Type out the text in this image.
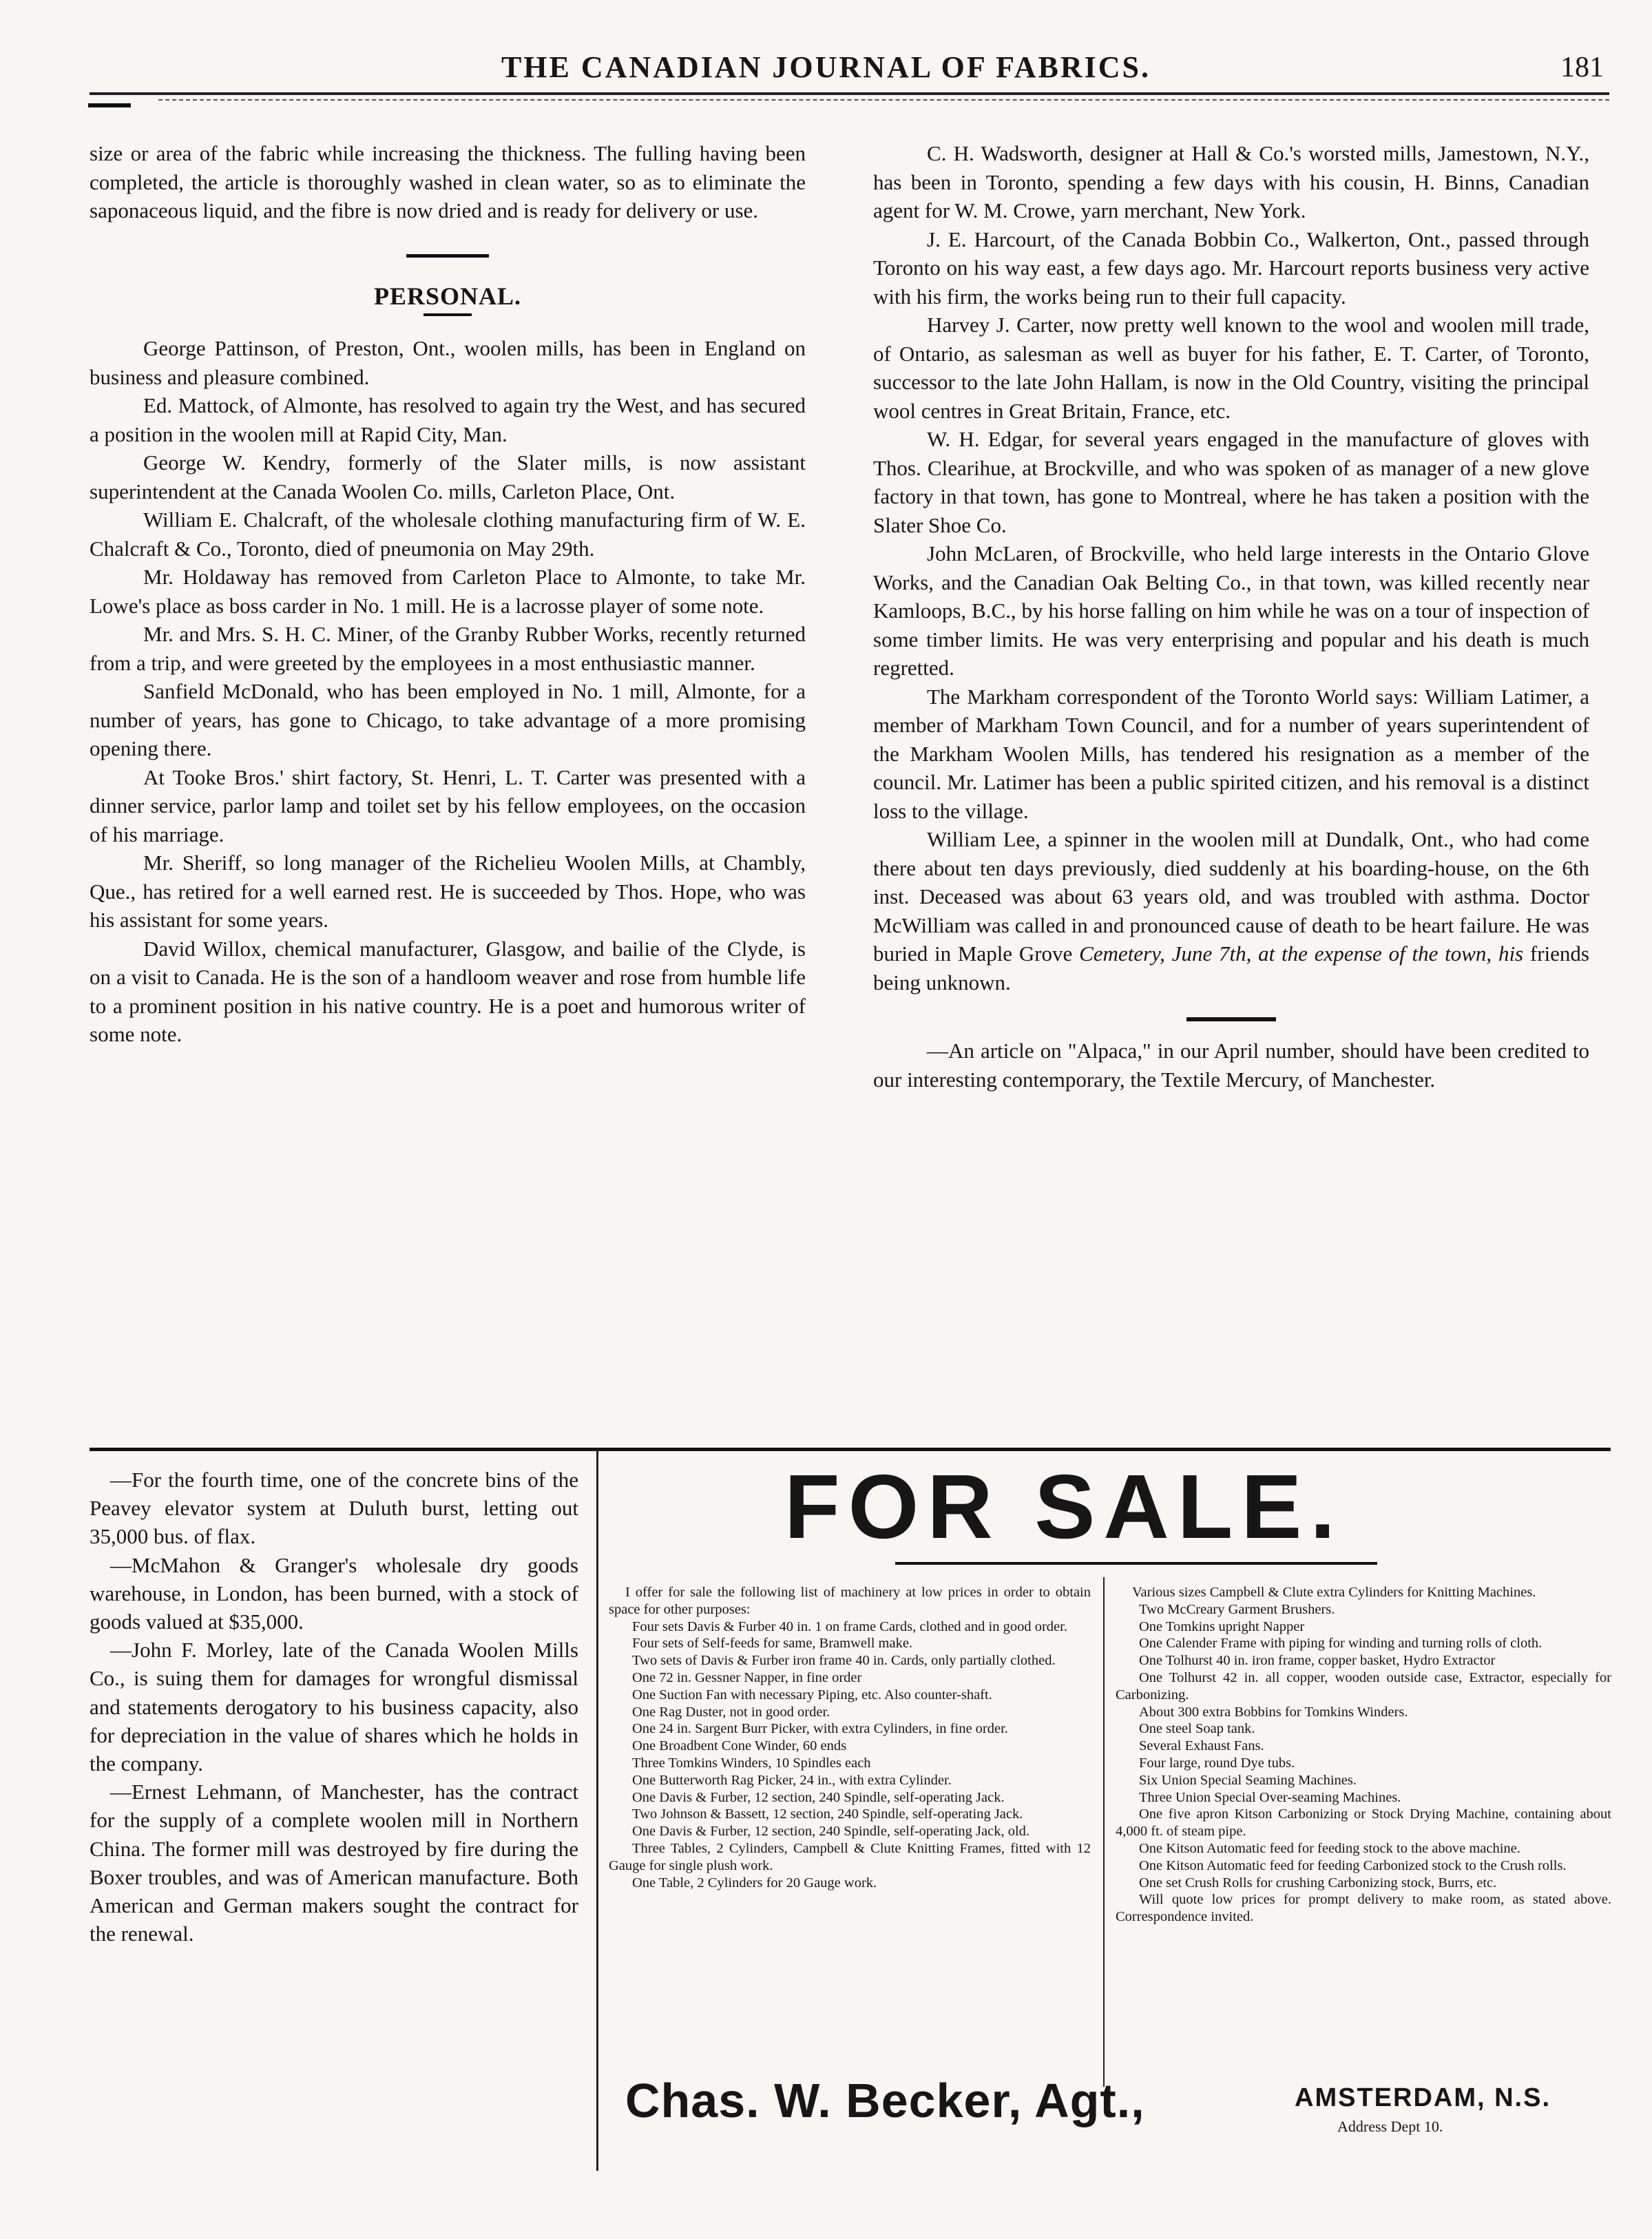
THE CANADIAN JOURNAL OF FABRICS.	181

size or area of the fabric while increasing the thickness. The fulling having been completed, the article is thoroughly washed in clean water, so as to eliminate the saponaceous liquid, and the fibre is now dried and is ready for delivery or use.

PERSONAL.

George Pattinson, of Preston, Ont., woolen mills, has been in England on business and pleasure combined.

Ed. Mattock, of Almonte, has resolved to again try the West, and has secured a position in the woolen mill at Rapid City, Man.

George W. Kendry, formerly of the Slater mills, is now assistant superintendent at the Canada Woolen Co. mills, Carleton Place, Ont.

William E. Chalcraft, of the wholesale clothing manufacturing firm of W. E. Chalcraft & Co., Toronto, died of pneumonia on May 29th.

Mr. Holdaway has removed from Carleton Place to Almonte, to take Mr. Lowe's place as boss carder in No. 1 mill. He is a lacrosse player of some note.

Mr. and Mrs. S. H. C. Miner, of the Granby Rubber Works, recently returned from a trip, and were greeted by the employees in a most enthusiastic manner.

Sanfield McDonald, who has been employed in No. 1 mill, Almonte, for a number of years, has gone to Chicago, to take advantage of a more promising opening there.

At Tooke Bros.' shirt factory, St. Henri, L. T. Carter was presented with a dinner service, parlor lamp and toilet set by his fellow employees, on the occasion of his marriage.

Mr. Sheriff, so long manager of the Richelieu Woolen Mills, at Chambly, Que., has retired for a well earned rest. He is succeeded by Thos. Hope, who was his assistant for some years.

David Willox, chemical manufacturer, Glasgow, and bailie of the Clyde, is on a visit to Canada. He is the son of a handloom weaver and rose from humble life to a prominent position in his native country. He is a poet and humorous writer of some note.

C. H. Wadsworth, designer at Hall & Co.'s worsted mills, Jamestown, N.Y., has been in Toronto, spending a few days with his cousin, H. Binns, Canadian agent for W. M. Crowe, yarn merchant, New York.

J. E. Harcourt, of the Canada Bobbin Co., Walkerton, Ont., passed through Toronto on his way east, a few days ago. Mr. Harcourt reports business very active with his firm, the works being run to their full capacity.

Harvey J. Carter, now pretty well known to the wool and woolen mill trade, of Ontario, as salesman as well as buyer for his father, E. T. Carter, of Toronto, successor to the late John Hallam, is now in the Old Country, visiting the principal wool centres in Great Britain, France, etc.

W. H. Edgar, for several years engaged in the manufacture of gloves with Thos. Clearihue, at Brockville, and who was spoken of as manager of a new glove factory in that town, has gone to Montreal, where he has taken a position with the Slater Shoe Co.

John McLaren, of Brockville, who held large interests in the Ontario Glove Works, and the Canadian Oak Belting Co., in that town, was killed recently near Kamloops, B.C., by his horse falling on him while he was on a tour of inspection of some timber limits. He was very enterprising and popular and his death is much regretted.

The Markham correspondent of the Toronto World says: William Latimer, a member of Markham Town Council, and for a number of years superintendent of the Markham Woolen Mills, has tendered his resignation as a member of the council. Mr. Latimer has been a public spirited citizen, and his removal is a distinct loss to the village.

William Lee, a spinner in the woolen mill at Dundalk, Ont., who had come there about ten days previously, died suddenly at his boarding-house, on the 6th inst. Deceased was about 63 years old, and was troubled with asthma. Doctor McWilliam was called in and pronounced cause of death to be heart failure. He was buried in Maple Grove Cemetery, June 7th, at the expense of the town, his friends being unknown.

—An article on "Alpaca," in our April number, should have been credited to our interesting contemporary, the Textile Mercury, of Manchester.

—For the fourth time, one of the concrete bins of the Peavey elevator system at Duluth burst, letting out 35,000 bus. of flax.

—McMahon & Granger's wholesale dry goods warehouse, in London, has been burned, with a stock of goods valued at $35,000.

—John F. Morley, late of the Canada Woolen Mills Co., is suing them for damages for wrongful dismissal and statements derogatory to his business capacity, also for depreciation in the value of shares which he holds in the company.

—Ernest Lehmann, of Manchester, has the contract for the supply of a complete woolen mill in Northern China. The former mill was destroyed by fire during the Boxer troubles, and was of American manufacture. Both American and German makers sought the contract for the renewal.

FOR SALE.

I offer for sale the following list of machinery at low prices in order to obtain space for other purposes:

Four sets Davis & Furber 40 in. 1 on frame Cards, clothed and in good order.

Four sets of Self-feeds for same, Bramwell make.

Two sets of Davis & Furber iron frame 40 in. Cards, only partially clothed.

One 72 in. Gessner Napper, in fine order

One Suction Fan with necessary Piping, etc. Also counter-shaft.

One Rag Duster, not in good order.

One 24 in. Sargent Burr Picker, with extra Cylinders, in fine order.

One Broadbent Cone Winder, 60 ends

Three Tomkins Winders, 10 Spindles each

One Butterworth Rag Picker, 24 in., with extra Cylinder.

One Davis & Furber, 12 section, 240 Spindle, self-operating Jack.

Two Johnson & Bassett, 12 section, 240 Spindle, self-operating Jack.

One Davis & Furber, 12 section, 240 Spindle, self-operating Jack, old.

Three Tables, 2 Cylinders, Campbell & Clute Knitting Frames, fitted with 12 Gauge for single plush work.

One Table, 2 Cylinders for 20 Gauge work.

Various sizes Campbell & Clute extra Cylinders for Knitting Machines.

Two McCreary Garment Brushers.

One Tomkins upright Napper

One Calender Frame with piping for winding and turning rolls of cloth.

One Tolhurst 40 in. iron frame, copper basket, Hydro Extractor

One Tolhurst 42 in. all copper, wooden outside case, Extractor, especially for Carbonizing.

About 300 extra Bobbins for Tomkins Winders.

One steel Soap tank.

Several Exhaust Fans.

Four large, round Dye tubs.

Six Union Special Seaming Machines.

Three Union Special Over-seaming Machines.

One five apron Kitson Carbonizing or Stock Drying Machine, containing about 4,000 ft. of steam pipe.

One Kitson Automatic feed for feeding stock to the above machine.

One Kitson Automatic feed for feeding Carbonized stock to the Crush rolls.

One set Crush Rolls for crushing Carbonizing stock, Burrs, etc.

Will quote low prices for prompt delivery to make room, as stated above. Correspondence invited.

Chas. W. Becker, Agt.,	AMSTERDAM, N.S.
Address Dept 10.
